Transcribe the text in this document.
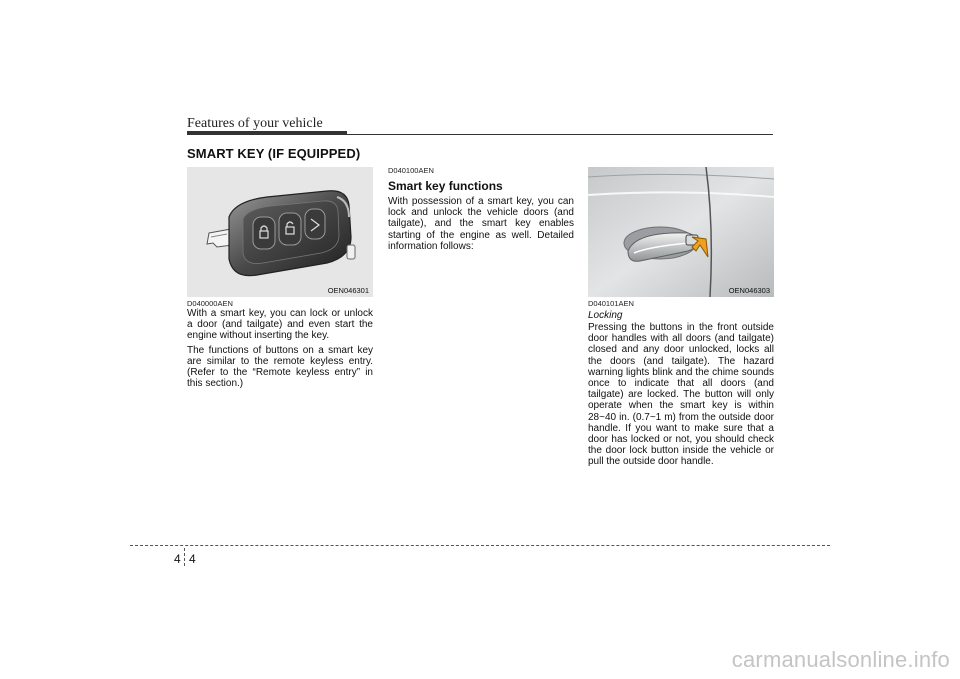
Features of your vehicle
SMART KEY (IF EQUIPPED)
OEN046301	OEN046303
D040000AEN

With a smart key, you can lock or unlock a door (and tailgate) and even start the engine without inserting the key.

The functions of buttons on a smart key are similar to the remote keyless entry. (Refer to the “Remote keyless entry” in this section.)

D040100AEN
Smart key functions

With possession of a smart key, you can lock and unlock the vehicle doors (and tailgate), and the smart key enables starting of the engine as well. Detailed information follows:

D040101AEN
Locking

Pressing the buttons in the front outside door handles with all doors (and tailgate) closed and any door unlocked, locks all the doors (and tailgate). The hazard warning lights blink and the chime sounds once to indicate that all doors (and tailgate) are locked. The button will only operate when the smart key is within 28~40 in. (0.7~1 m) from the outside door handle. If you want to make sure that a door has locked or not, you should check the door lock button inside the vehicle or pull the outside door handle.

4 4
carmanualsonline.info
